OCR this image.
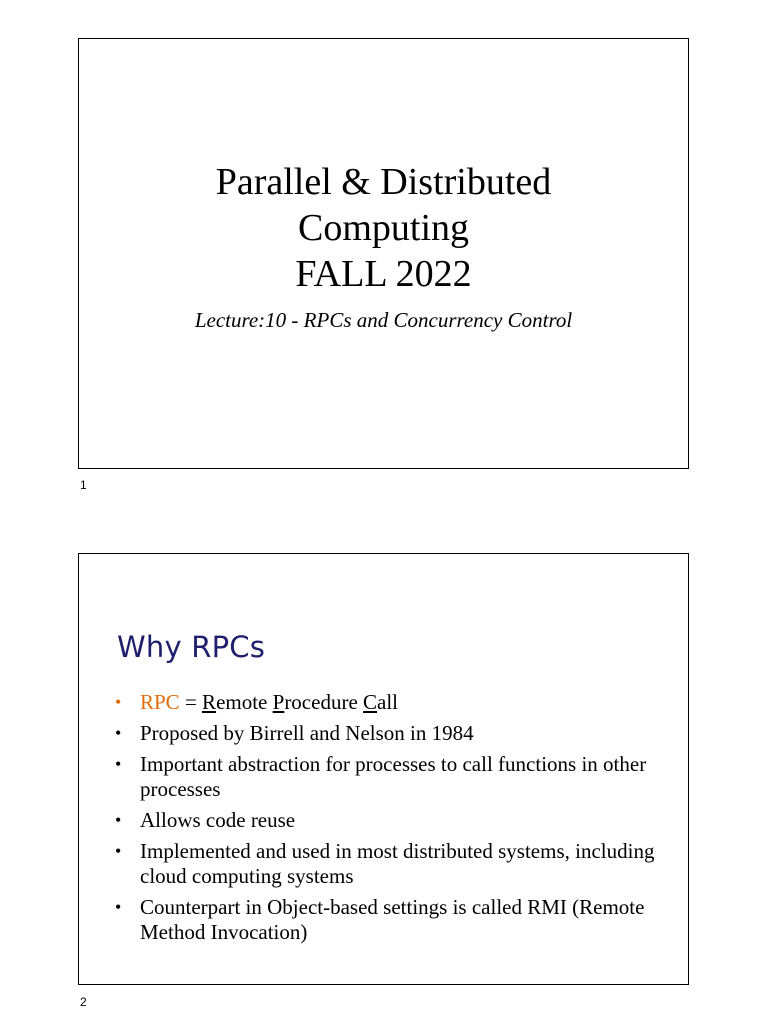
Parallel & Distributed
Computing
FALL 2022
Lecture:10 - RPCs and Concurrency Control
1
Why RPCs
• RPC = Remote Procedure Call
• Proposed by Birrell and Nelson in 1984
• Important abstraction for processes to call functions in other processes
• Allows code reuse
• Implemented and used in most distributed systems, including cloud computing systems
• Counterpart in Object-based settings is called RMI (Remote Method Invocation)
2
